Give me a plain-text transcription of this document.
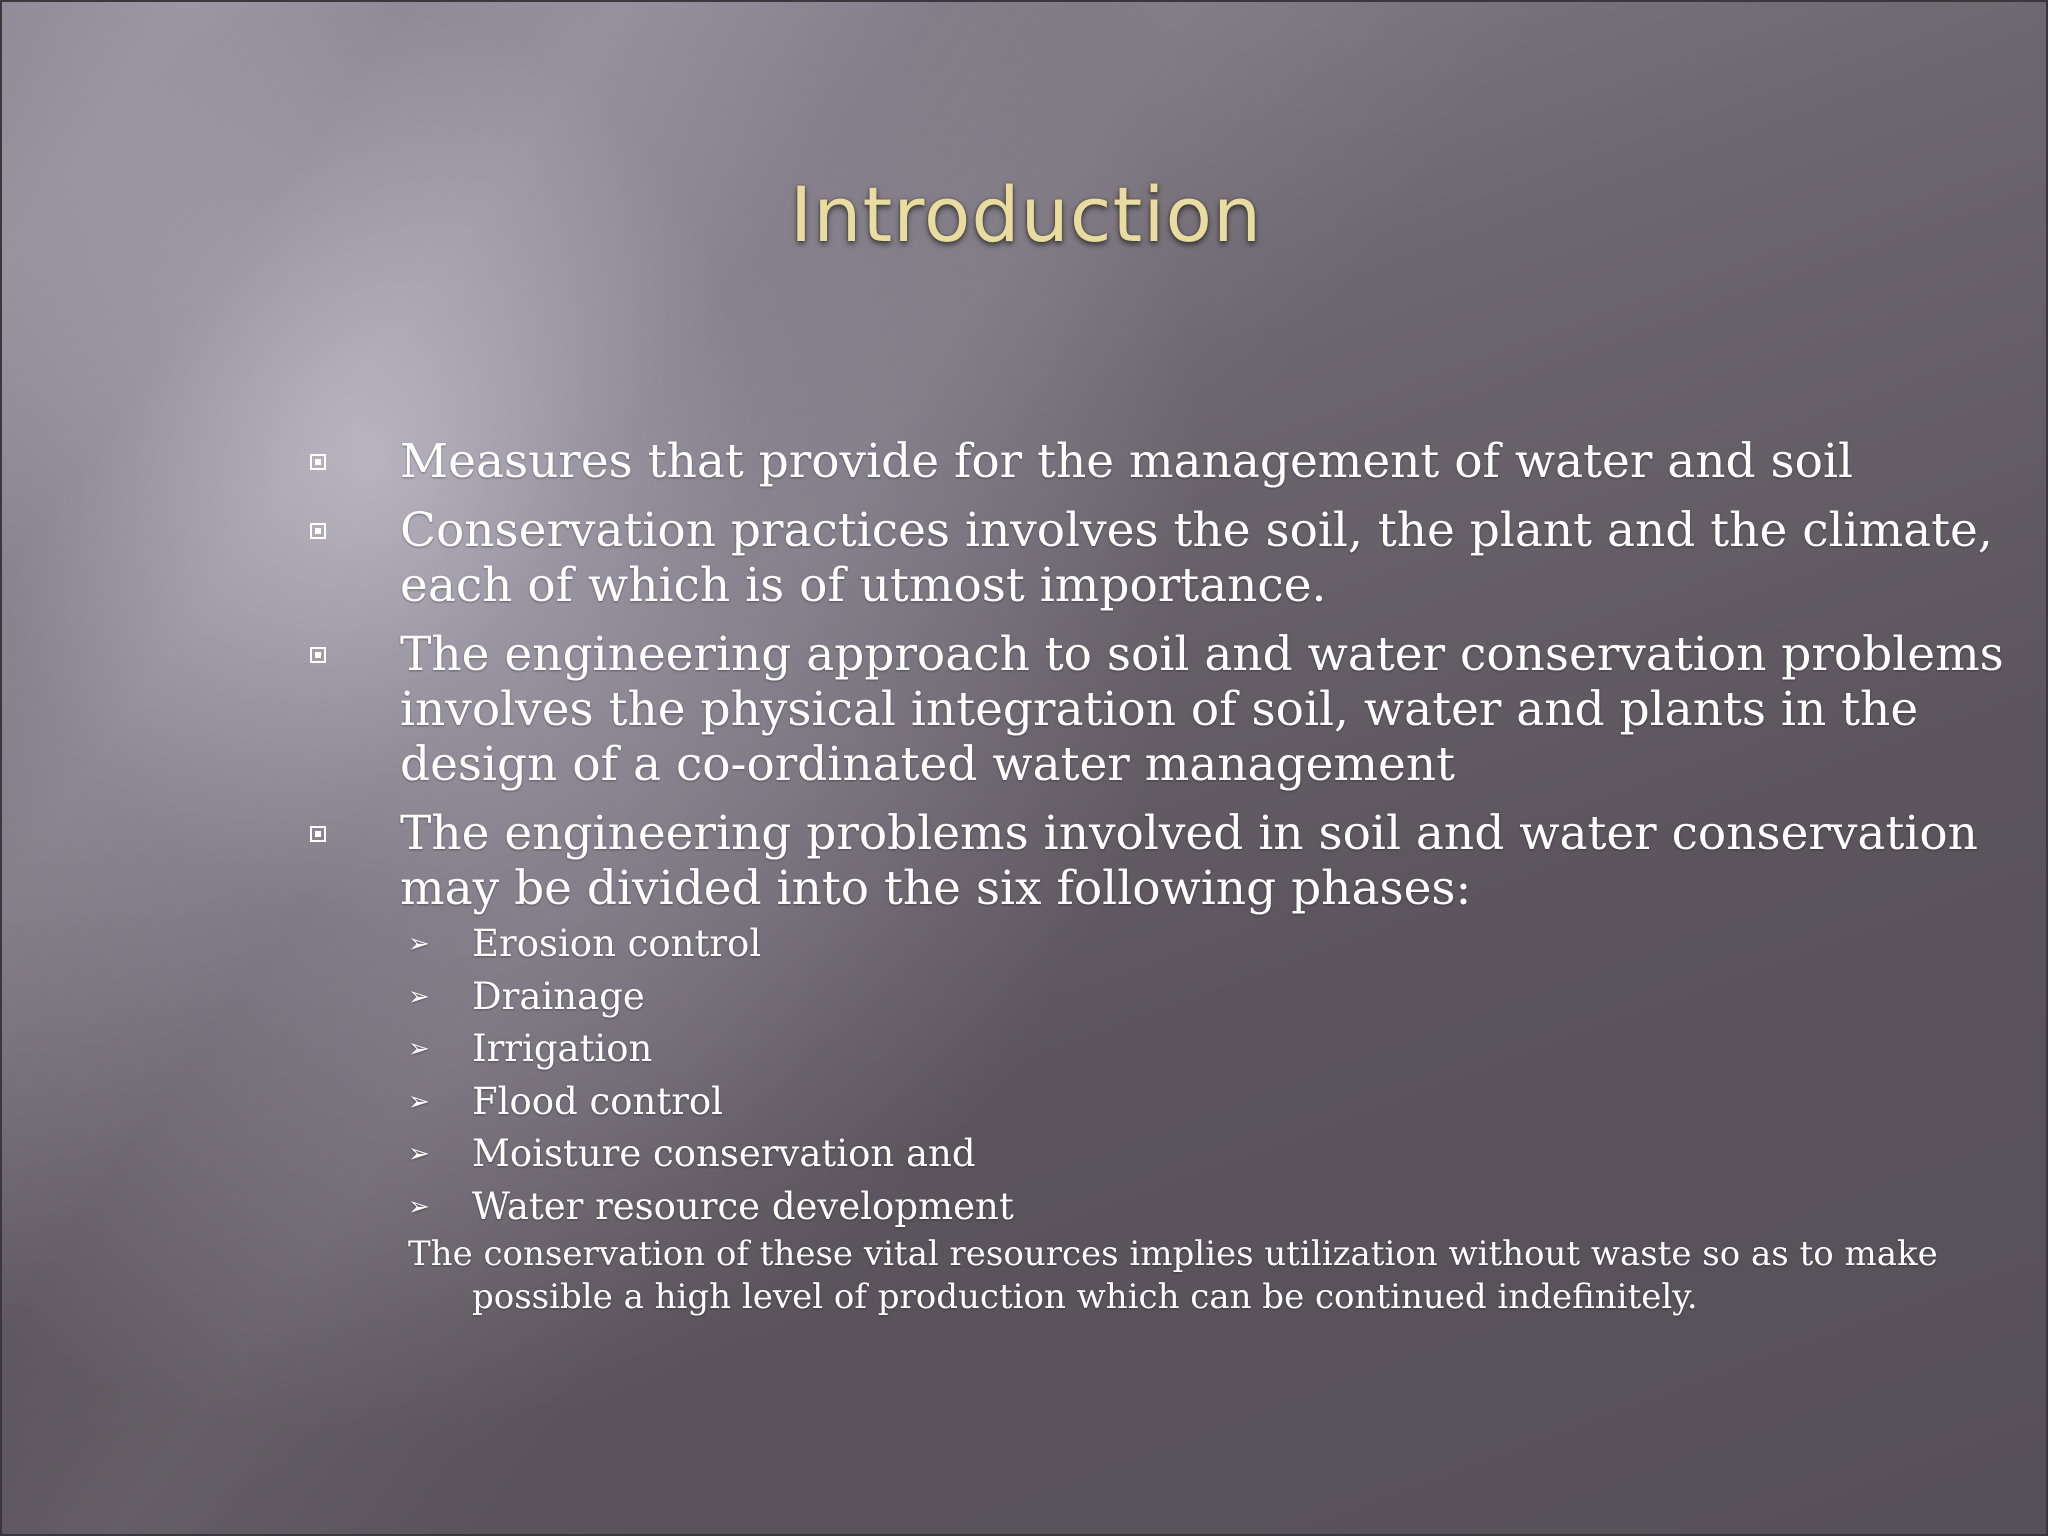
Introduction
Measures that provide for the management of water and soil
Conservation practices involves the soil, the plant and the climate, each of which is of utmost importance.
The engineering approach to soil and water conservation problems involves the physical integration of soil, water and plants in the design of a co-ordinated water management
The engineering problems involved in soil and water conservation may be divided into the six following phases:
➢ Erosion control
➢ Drainage
➢ Irrigation
➢ Flood control
➢ Moisture conservation and
➢ Water resource development

The conservation of these vital resources implies utilization without waste so as to make
possible a high level of production which can be continued indefinitely.
